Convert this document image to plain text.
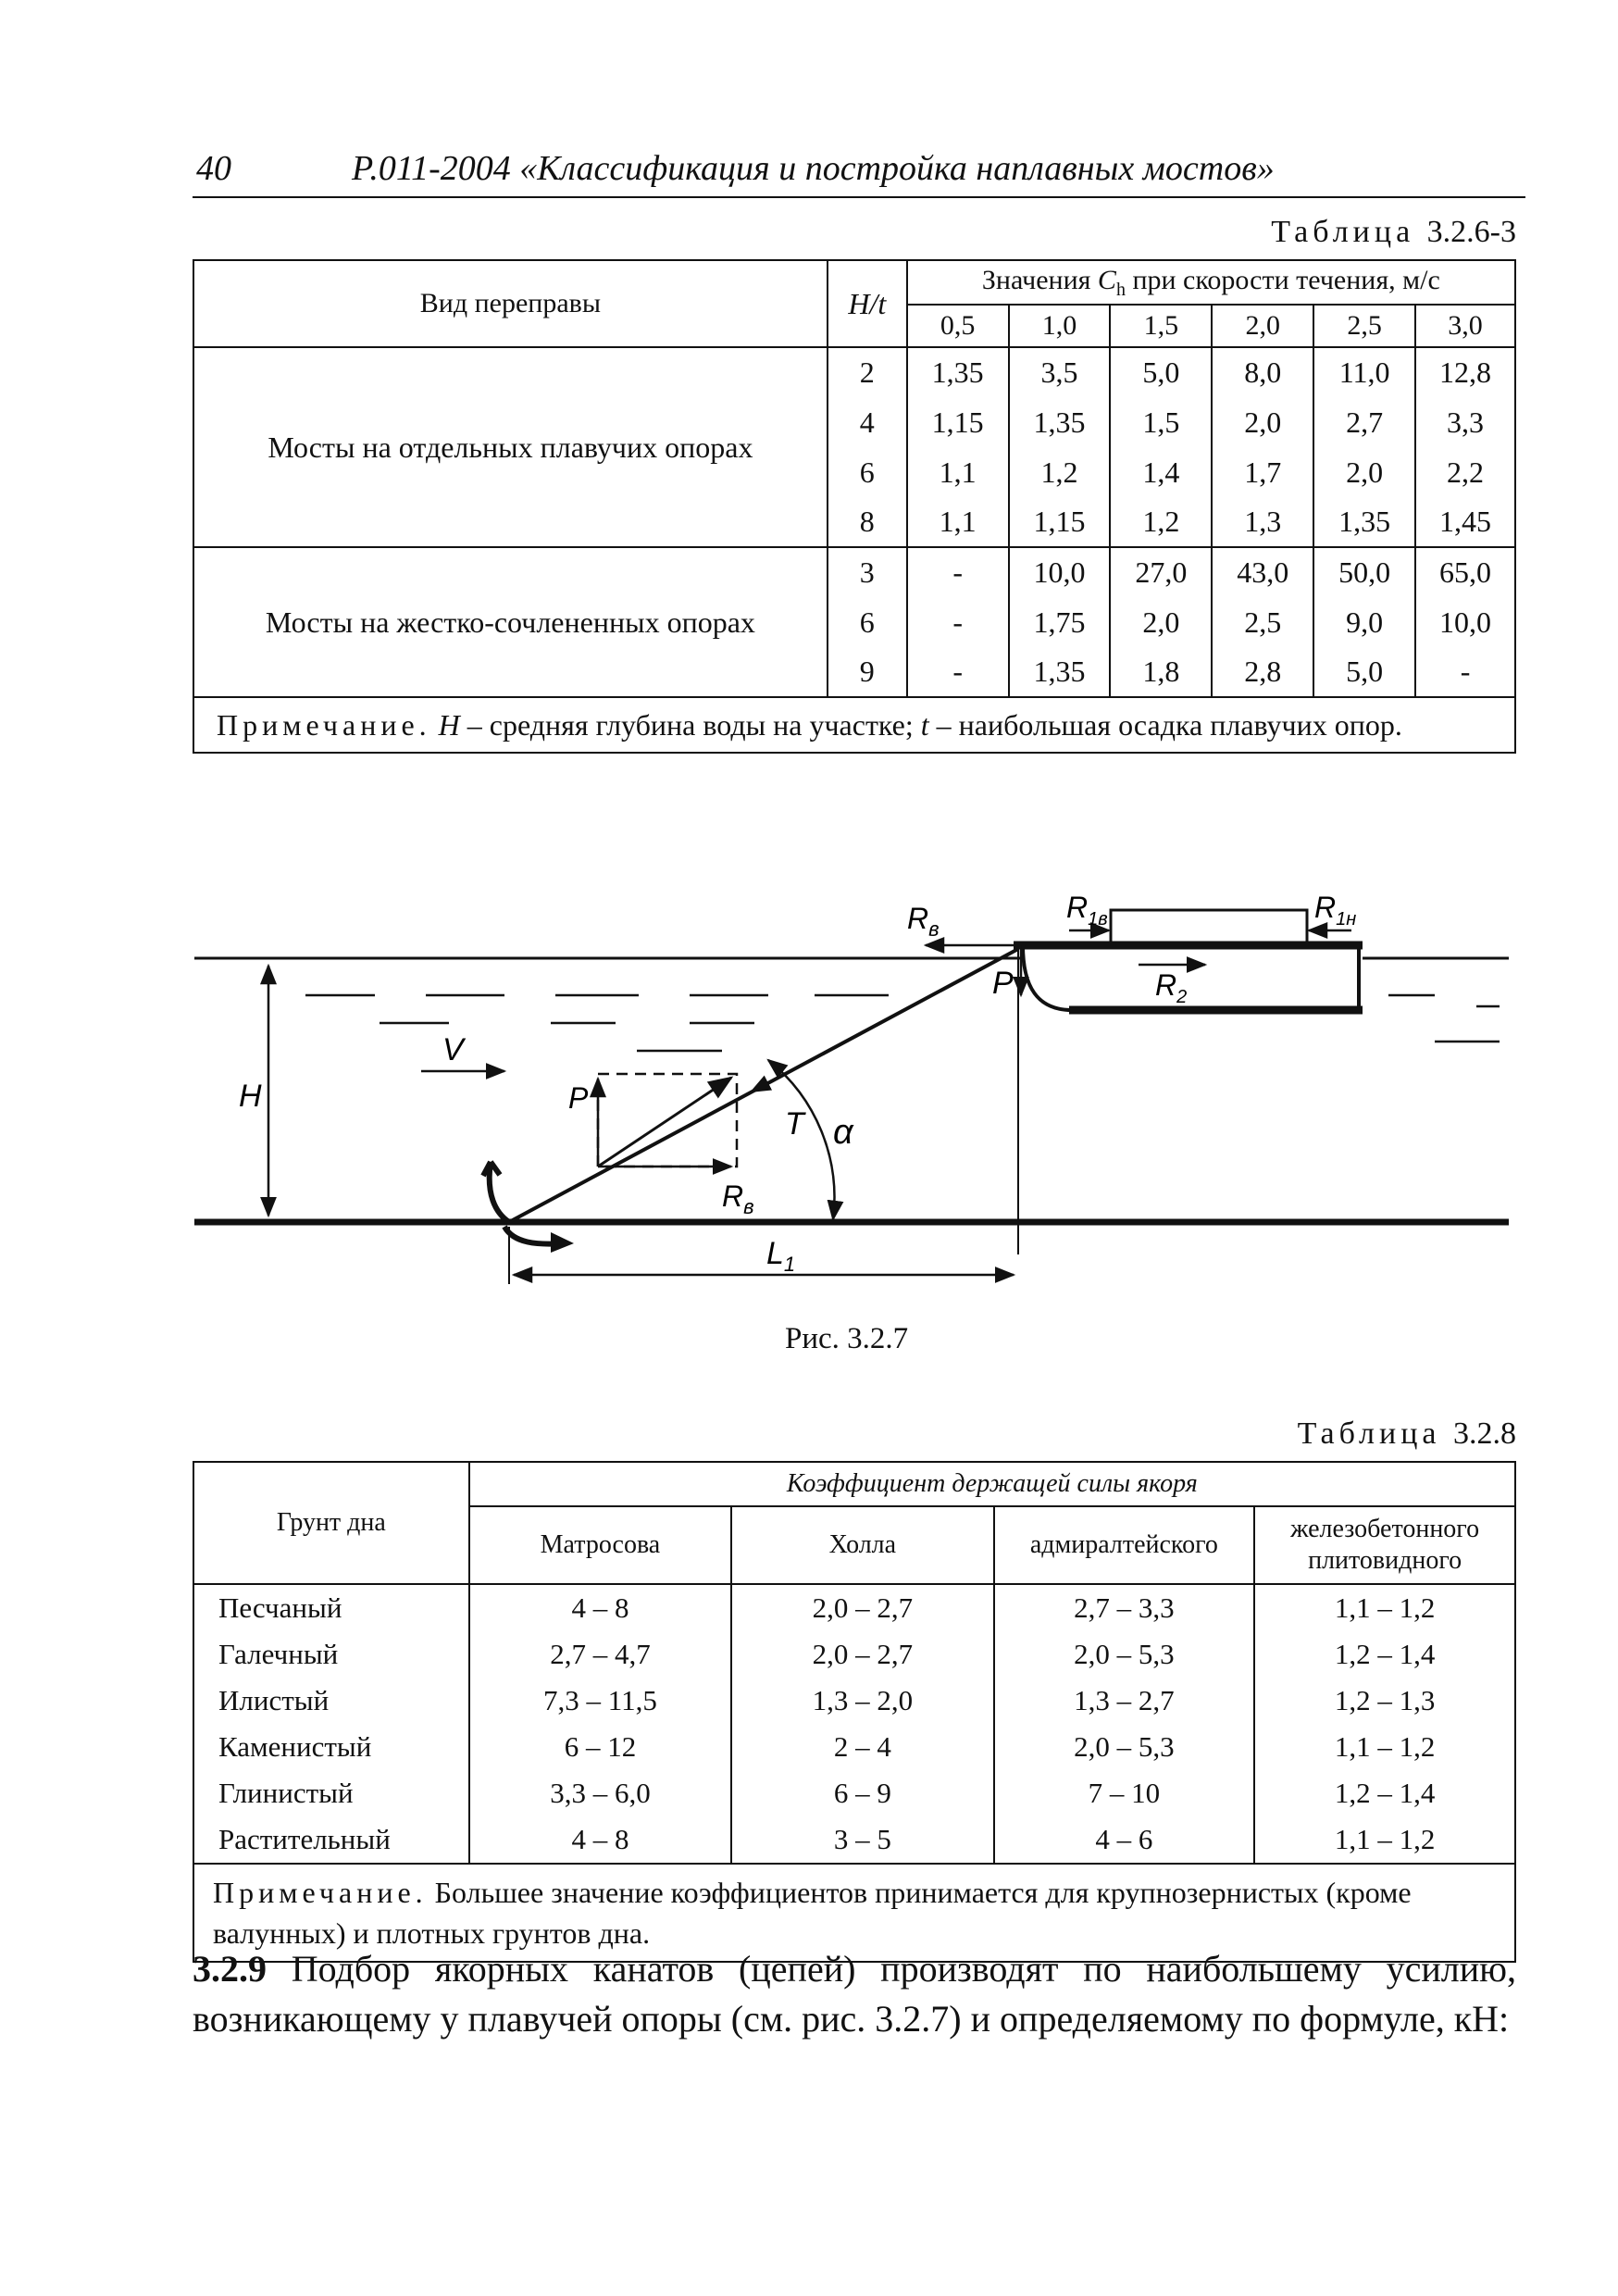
40	Р.011-2004 «Классификация и постройка наплавных мостов»
Таблица 3.2.6-3
Вид переправы	H/t	Значения $C_h$ при скорости течения, м/с					
		0,5	1,0	1,5	2,0	2,5	3,0
Мосты на отдельных плавучих опорах	2	1,35	3,5	5,0	8,0	11,0	12,8
	4	1,15	1,35	1,5	2,0	2,7	3,3
	6	1,1	1,2	1,4	1,7	2,0	2,2
	8	1,1	1,15	1,2	1,3	1,35	1,45
Мосты на жестко-сочлененных опорах	3	-	10,0	27,0	43,0	50,0	65,0
	6	-	1,75	2,0	2,5	9,0	10,0
	9	-	1,35	1,8	2,8	5,0	-
Примечание. H – средняя глубина воды на участке; t – наибольшая осадка плавучих опор.							
H
V
$R_в$
$R_{1в}$	$R_{1н}$
$R_2$
T
P
P
$R_в$
α
$L_1$
Рис. 3.2.7
Таблица 3.2.8
Грунт дна	Коэффициент держащей силы якоря			
	Матросова	Холла	адмиралтейского	железобетонного плитовидного
Песчаный	4 – 8	2,0 – 2,7	2,7 – 3,3	1,1 – 1,2
Галечный	2,7 – 4,7	2,0 – 2,7	2,0 – 5,3	1,2 – 1,4
Илистый	7,3 – 11,5	1,3 – 2,0	1,3 – 2,7	1,2 – 1,3
Каменистый	6 – 12	2 – 4	2,0 – 5,3	1,1 – 1,2
Глинистый	3,3 – 6,0	6 – 9	7 – 10	1,2 – 1,4
Растительный	4 – 8	3 – 5	4 – 6	1,1 – 1,2
Примечание. Большее значение коэффициентов принимается для крупнозернистых (кроме валунных) и плотных грунтов дна.				
3.2.9 Подбор якорных канатов (цепей) производят по наибольшему усилию, возникающему у плавучей опоры (см. рис. 3.2.7) и определяемому по формуле, кН:
